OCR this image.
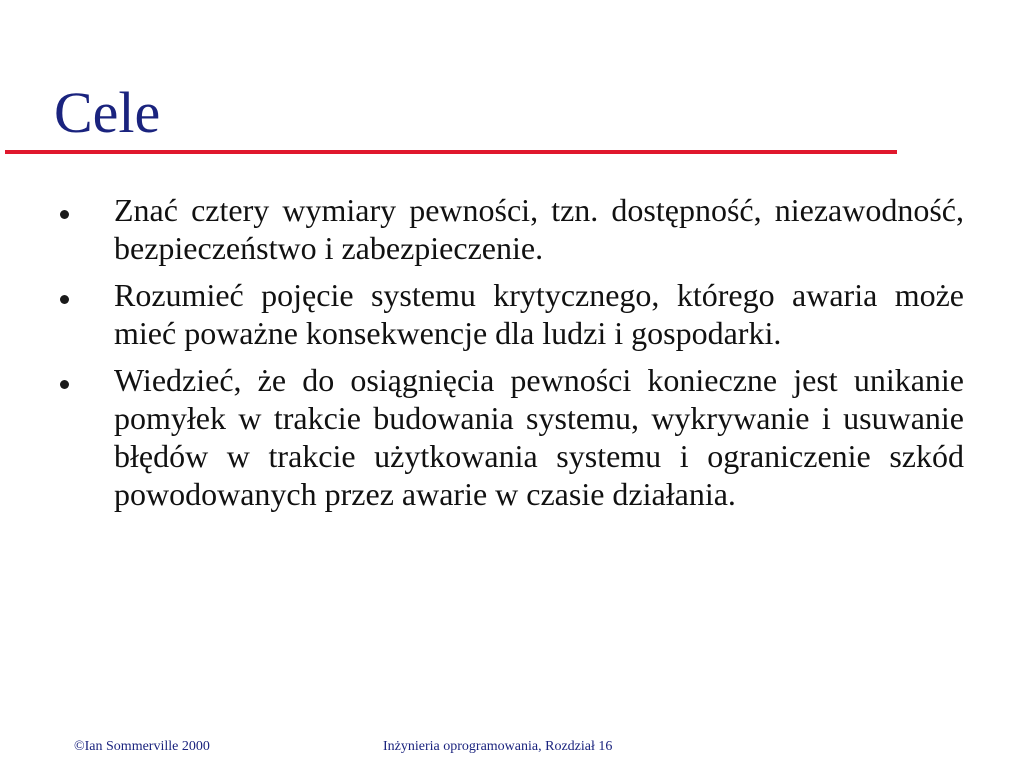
Cele
Znać cztery wymiary pewności, tzn. dostępność, niezawodność, bezpieczeństwo i zabezpieczenie.
Rozumieć pojęcie systemu krytycznego, którego awaria może mieć poważne konsekwencje dla ludzi i gospodarki.
Wiedzieć, że do osiągnięcia pewności konieczne jest unikanie pomyłek w trakcie budowania systemu, wykrywanie i usuwanie błędów w trakcie użytkowania systemu i ograniczenie szkód powodowanych przez awarie w czasie działania.
©Ian Sommerville 2000	Inżynieria oprogramowania, Rozdział 16
